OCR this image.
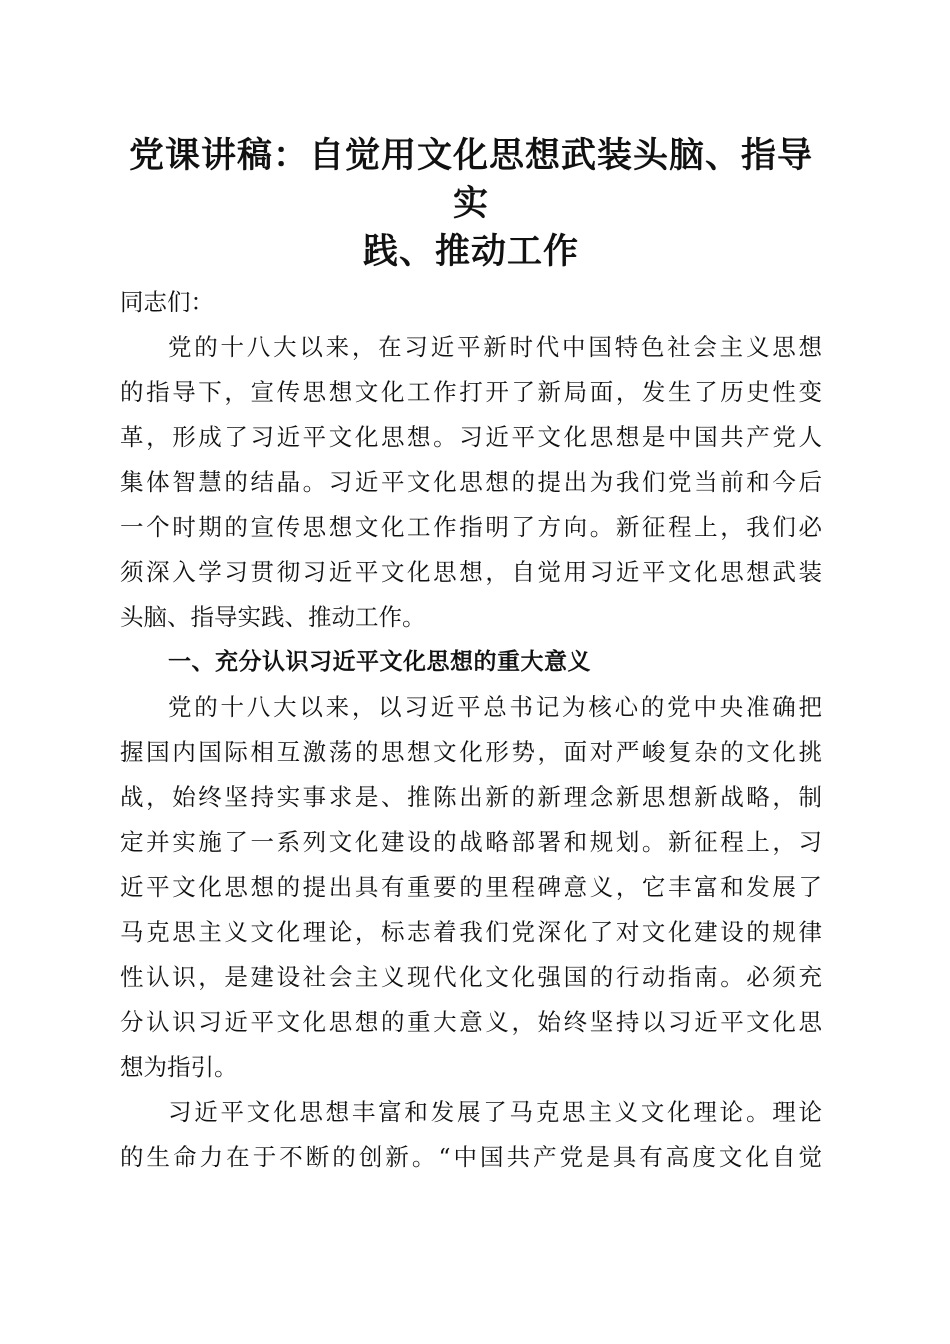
党课讲稿：自觉用文化思想武装头脑、指导实
践、推动工作

同志们：

党的十八大以来，在习近平新时代中国特色社会主义思想

的指导下，宣传思想文化工作打开了新局面，发生了历史性变

革，形成了习近平文化思想。习近平文化思想是中国共产党人

集体智慧的结晶。习近平文化思想的提出为我们党当前和今后

一个时期的宣传思想文化工作指明了方向。新征程上，我们必

须深入学习贯彻习近平文化思想，自觉用习近平文化思想武装

头脑、指导实践、推动工作。

一、充分认识习近平文化思想的重大意义

党的十八大以来，以习近平总书记为核心的党中央准确把

握国内国际相互激荡的思想文化形势，面对严峻复杂的文化挑

战，始终坚持实事求是、推陈出新的新理念新思想新战略，制

定并实施了一系列文化建设的战略部署和规划。新征程上，习

近平文化思想的提出具有重要的里程碑意义，它丰富和发展了

马克思主义文化理论，标志着我们党深化了对文化建设的规律

性认识，是建设社会主义现代化文化强国的行动指南。必须充

分认识习近平文化思想的重大意义，始终坚持以习近平文化思

想为指引。

习近平文化思想丰富和发展了马克思主义文化理论。理论

的生命力在于不断的创新。“中国共产党是具有高度文化自觉
